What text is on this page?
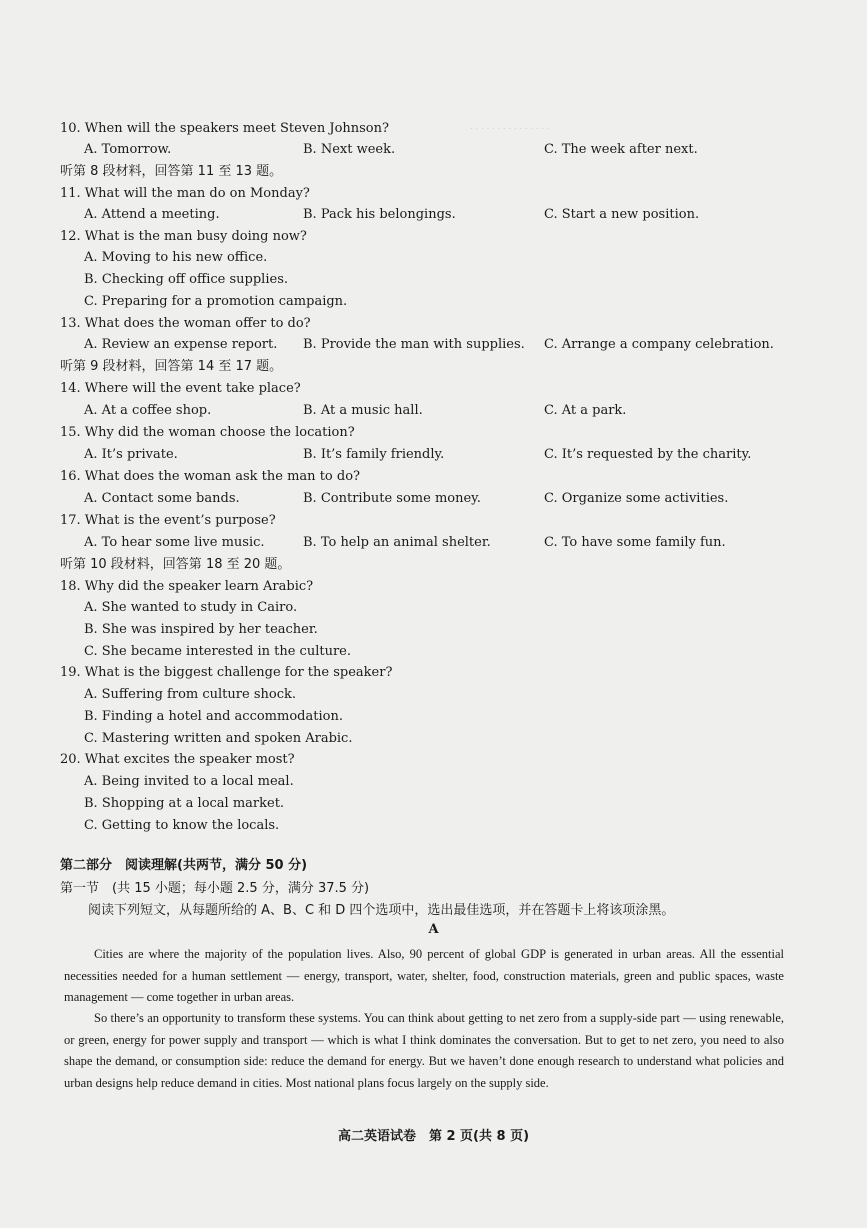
. . . . . . . . . . . . . . .
10. When will the speakers meet Steven Johnson?
A. Tomorrow.	B. Next week.	C. The week after next.
听第 8 段材料，回答第 11 至 13 题。
11. What will the man do on Monday?
A. Attend a meeting.	B. Pack his belongings.	C. Start a new position.
12. What is the man busy doing now?
A. Moving to his new office.
B. Checking off office supplies.
C. Preparing for a promotion campaign.
13. What does the woman offer to do?
A. Review an expense report. B. Provide the man with supplies. C. Arrange a company celebration.
听第 9 段材料，回答第 14 至 17 题。
14. Where will the event take place?
A. At a coffee shop.	B. At a music hall.	C. At a park.
15. Why did the woman choose the location?
A. It’s private.	B. It’s family friendly.	C. It’s requested by the charity.
16. What does the woman ask the man to do?
A. Contact some bands.	B. Contribute some money.	C. Organize some activities.
17. What is the event’s purpose?
A. To hear some live music.	B. To help an animal shelter.	C. To have some family fun.
听第 10 段材料，回答第 18 至 20 题。
18. Why did the speaker learn Arabic?
A. She wanted to study in Cairo.
B. She was inspired by her teacher.
C. She became interested in the culture.
19. What is the biggest challenge for the speaker?
A. Suffering from culture shock.
B. Finding a hotel and accommodation.
C. Mastering written and spoken Arabic.
20. What excites the speaker most?
A. Being invited to a local meal.
B. Shopping at a local market.
C. Getting to know the locals.
第二部分　阅读理解(共两节，满分 50 分)
第一节　(共 15 小题；每小题 2.5 分，满分 37.5 分)
阅读下列短文，从每题所给的 A、B、C 和 D 四个选项中，选出最佳选项，并在答题卡上将该项涂黑。
A
Cities are where the majority of the population lives. Also, 90 percent of global GDP is generated in urban areas. All the essential necessities needed for a human settlement — energy, transport, water, shelter, food, construction materials, green and public spaces, waste management — come together in urban areas.
So there’s an opportunity to transform these systems. You can think about getting to net zero from a supply-side part — using renewable, or green, energy for power supply and transport — which is what I think dominates the conversation. But to get to net zero, you need to also shape the demand, or consumption side: reduce the demand for energy. But we haven’t done enough research to understand what policies and urban designs help reduce demand in cities. Most national plans focus largely on the supply side.
高二英语试卷　第 2 页(共 8 页)
